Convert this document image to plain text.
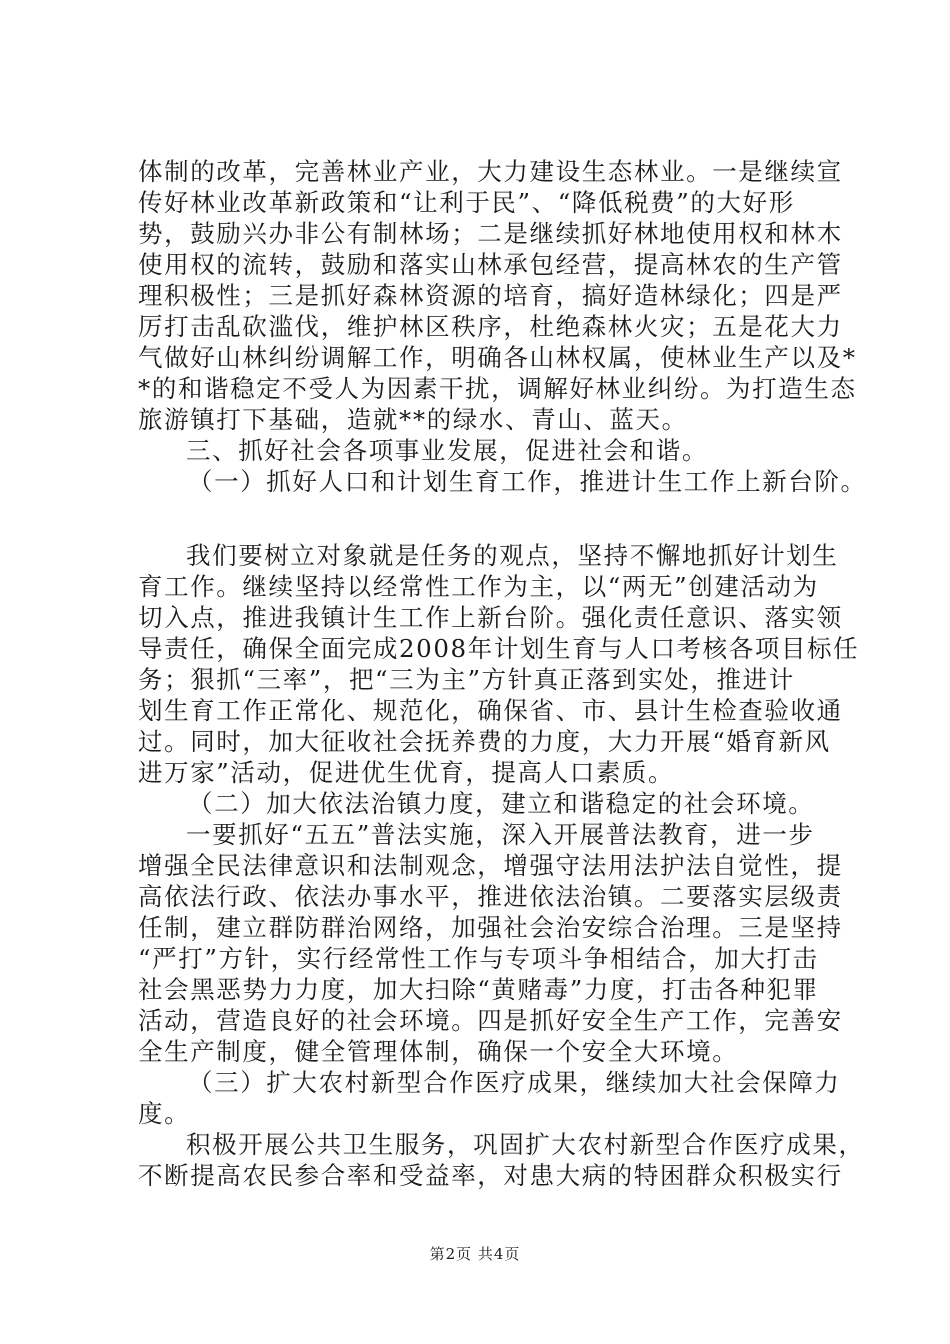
体制的改革，完善林业产业，大力建设生态林业。一是继续宣
传好林业改革新政策和“让利于民”、“降低税费”的大好形
势，鼓励兴办非公有制林场；二是继续抓好林地使用权和林木
使用权的流转，鼓励和落实山林承包经营，提高林农的生产管
理积极性；三是抓好森林资源的培育，搞好造林绿化；四是严
厉打击乱砍滥伐，维护林区秩序，杜绝森林火灾；五是花大力
气做好山林纠纷调解工作，明确各山林权属，使林业生产以及*
*的和谐稳定不受人为因素干扰，调解好林业纠纷。为打造生态
旅游镇打下基础，造就**的绿水、青山、蓝天。
三、抓好社会各项事业发展，促进社会和谐。
（一）抓好人口和计划生育工作，推进计生工作上新台阶。
我们要树立对象就是任务的观点，坚持不懈地抓好计划生
育工作。继续坚持以经常性工作为主，以“两无”创建活动为
切入点，推进我镇计生工作上新台阶。强化责任意识、落实领
导责任，确保全面完成2008年计划生育与人口考核各项目标任
务；狠抓“三率”，把“三为主”方针真正落到实处，推进计
划生育工作正常化、规范化，确保省、市、县计生检查验收通
过。同时，加大征收社会抚养费的力度，大力开展“婚育新风
进万家”活动，促进优生优育，提高人口素质。
（二）加大依法治镇力度，建立和谐稳定的社会环境。
一要抓好“五五”普法实施，深入开展普法教育，进一步
增强全民法律意识和法制观念，增强守法用法护法自觉性，提
高依法行政、依法办事水平，推进依法治镇。二要落实层级责
任制，建立群防群治网络，加强社会治安综合治理。三是坚持
“严打”方针，实行经常性工作与专项斗争相结合，加大打击
社会黑恶势力力度，加大扫除“黄赌毒”力度，打击各种犯罪
活动，营造良好的社会环境。四是抓好安全生产工作，完善安
全生产制度，健全管理体制，确保一个安全大环境。
（三）扩大农村新型合作医疗成果，继续加大社会保障力
度。
积极开展公共卫生服务，巩固扩大农村新型合作医疗成果，
不断提高农民参合率和受益率，对患大病的特困群众积极实行
第2页 共4页
